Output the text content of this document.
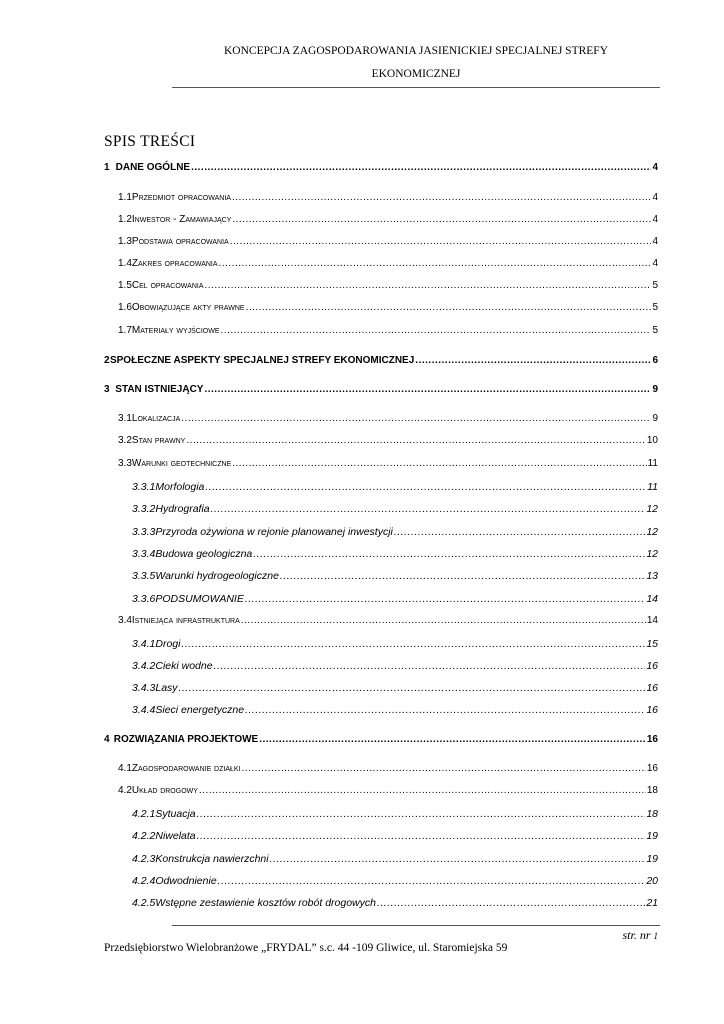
KONCEPCJA ZAGOSPODAROWANIA JASIENICKIEJ SPECJALNEJ STREFY
EKONOMICZNEJ
SPIS TREŚCI
1 DANE OGÓLNE .....	4
1.1 Przedmiot opracowania .....	4
1.2 Inwestor - Zamawiający .....	4
1.3 Podstawa opracowania .....	4
1.4 Zakres opracowania .....	4
1.5 Cel opracowania .....	5
1.6 Obowiązujące akty prawne .....	5
1.7 Materiały wyjściowe .....	5
2 SPOŁECZNE ASPEKTY SPECJALNEJ STREFY EKONOMICZNEJ .....	6
3 STAN ISTNIEJĄCY .....	9
3.1 Lokalizacja .....	9
3.2 Stan prawny .....	10
3.3 Warunki geotechniczne .....	11
3.3.1 Morfologia .....	11
3.3.2 Hydrografia .....	12
3.3.3 Przyroda ożywiona w rejonie planowanej inwestycji .....	12
3.3.4 Budowa geologiczna .....	12
3.3.5 Warunki hydrogeologiczne .....	13
3.3.6 PODSUMOWANIE .....	14
3.4 Istniejąca infrastruktura .....	14
3.4.1 Drogi .....	15
3.4.2 Cieki wodne .....	16
3.4.3 Lasy .....	16
3.4.4 Sieci energetyczne .....	16
4 ROZWIĄZANIA PROJEKTOWE .....	16
4.1 Zagospodarowanie działki .....	16
4.2 Układ drogowy .....	18
4.2.1 Sytuacja .....	18
4.2.2 Niwelata .....	19
4.2.3 Konstrukcja nawierzchni .....	19
4.2.4 Odwodnienie .....	20
4.2.5 Wstępne zestawienie kosztów robót drogowych .....	21
str. nr 1
Przedsiębiorstwo Wielobranżowe „FRYDAL” s.c. 44 -109 Gliwice, ul. Staromiejska 59
